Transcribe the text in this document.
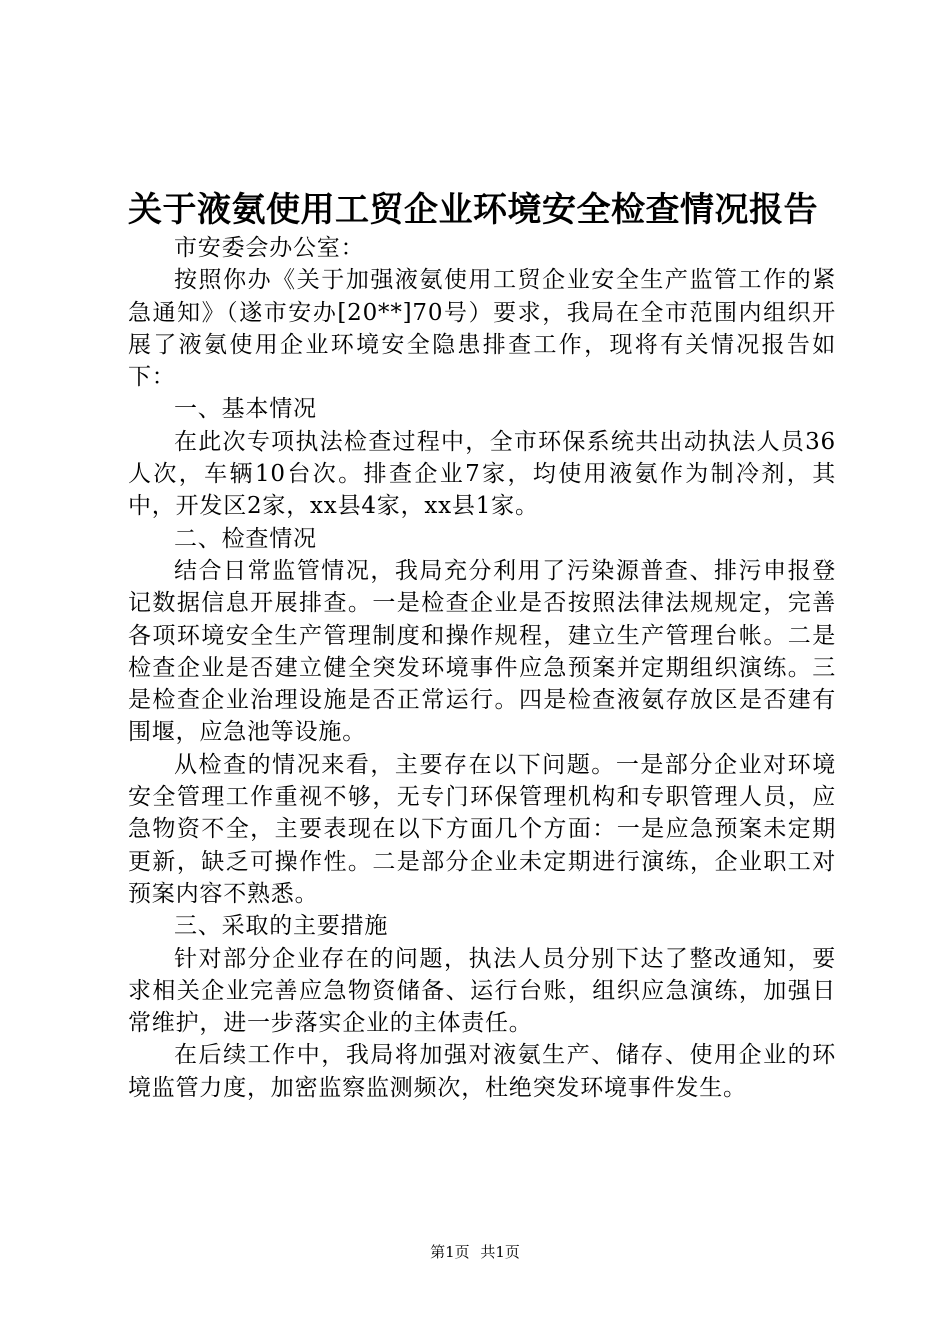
关于液氨使用工贸企业环境安全检查情况报告

市安委会办公室：

按照你办《关于加强液氨使用工贸企业安全生产监管工作的紧急通知》（遂市安办[20**]70号）要求，我局在全市范围内组织开展了液氨使用企业环境安全隐患排查工作，现将有关情况报告如下：

一、基本情况

在此次专项执法检查过程中，全市环保系统共出动执法人员36人次，车辆10台次。排查企业7家，均使用液氨作为制冷剂，其中，开发区2家，xx县4家，xx县1家。

二、检查情况

结合日常监管情况，我局充分利用了污染源普查、排污申报登记数据信息开展排查。一是检查企业是否按照法律法规规定，完善各项环境安全生产管理制度和操作规程，建立生产管理台帐。二是检查企业是否建立健全突发环境事件应急预案并定期组织演练。三是检查企业治理设施是否正常运行。四是检查液氨存放区是否建有围堰，应急池等设施。

从检查的情况来看，主要存在以下问题。一是部分企业对环境安全管理工作重视不够，无专门环保管理机构和专职管理人员，应急物资不全，主要表现在以下方面几个方面：一是应急预案未定期更新，缺乏可操作性。二是部分企业未定期进行演练，企业职工对预案内容不熟悉。

三、采取的主要措施

针对部分企业存在的问题，执法人员分别下达了整改通知，要求相关企业完善应急物资储备、运行台账，组织应急演练，加强日常维护，进一步落实企业的主体责任。

在后续工作中，我局将加强对液氨生产、储存、使用企业的环境监管力度，加密监察监测频次，杜绝突发环境事件发生。

第1页 共1页
